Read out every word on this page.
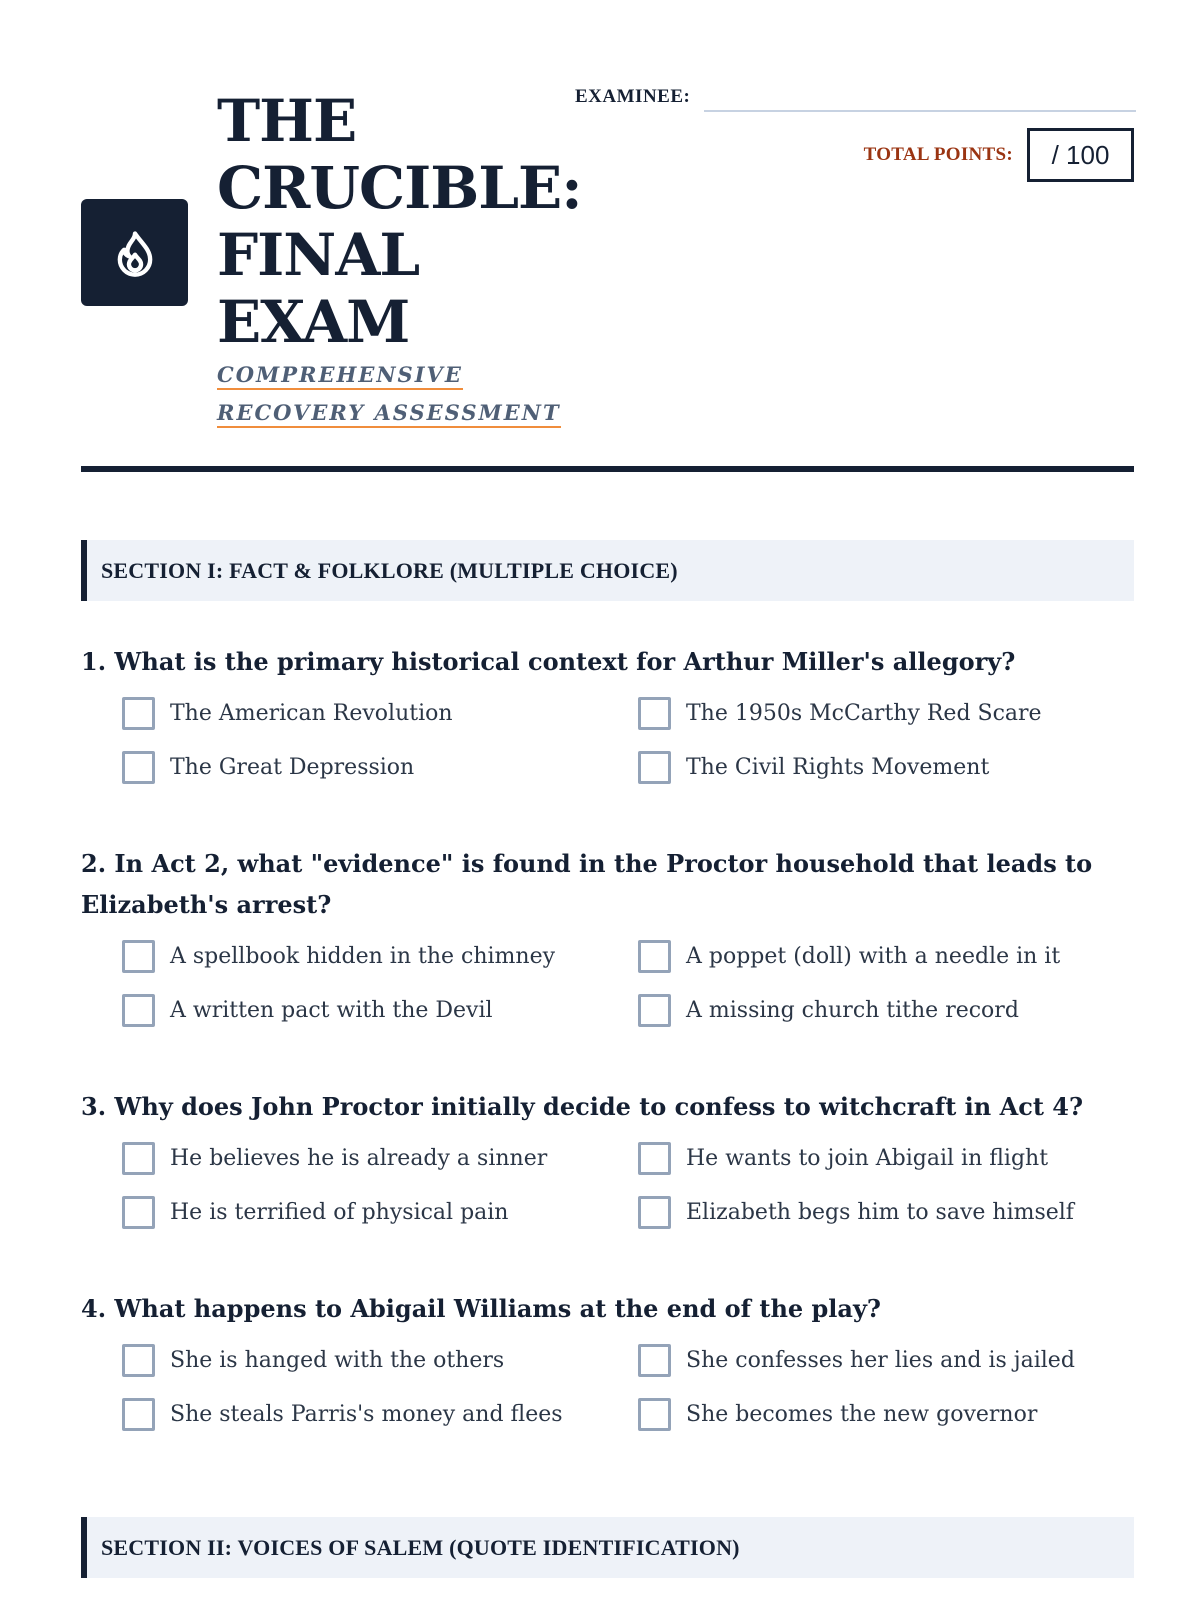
THE
CRUCIBLE:
FINAL
EXAM
COMPREHENSIVE
RECOVERY ASSESSMENT
EXAMINEE:
TOTAL POINTS:	/ 100
SECTION I: FACT & FOLKLORE (MULTIPLE CHOICE)
1. What is the primary historical context for Arthur Miller's allegory?
The American Revolution	The 1950s McCarthy Red Scare
The Great Depression	The Civil Rights Movement
2. In Act 2, what "evidence" is found in the Proctor household that leads to Elizabeth's arrest?
A spellbook hidden in the chimney	A poppet (doll) with a needle in it
A written pact with the Devil	A missing church tithe record
3. Why does John Proctor initially decide to confess to witchcraft in Act 4?
He believes he is already a sinner	He wants to join Abigail in flight
He is terrified of physical pain	Elizabeth begs him to save himself
4. What happens to Abigail Williams at the end of the play?
She is hanged with the others	She confesses her lies and is jailed
She steals Parris's money and flees	She becomes the new governor
SECTION II: VOICES OF SALEM (QUOTE IDENTIFICATION)
